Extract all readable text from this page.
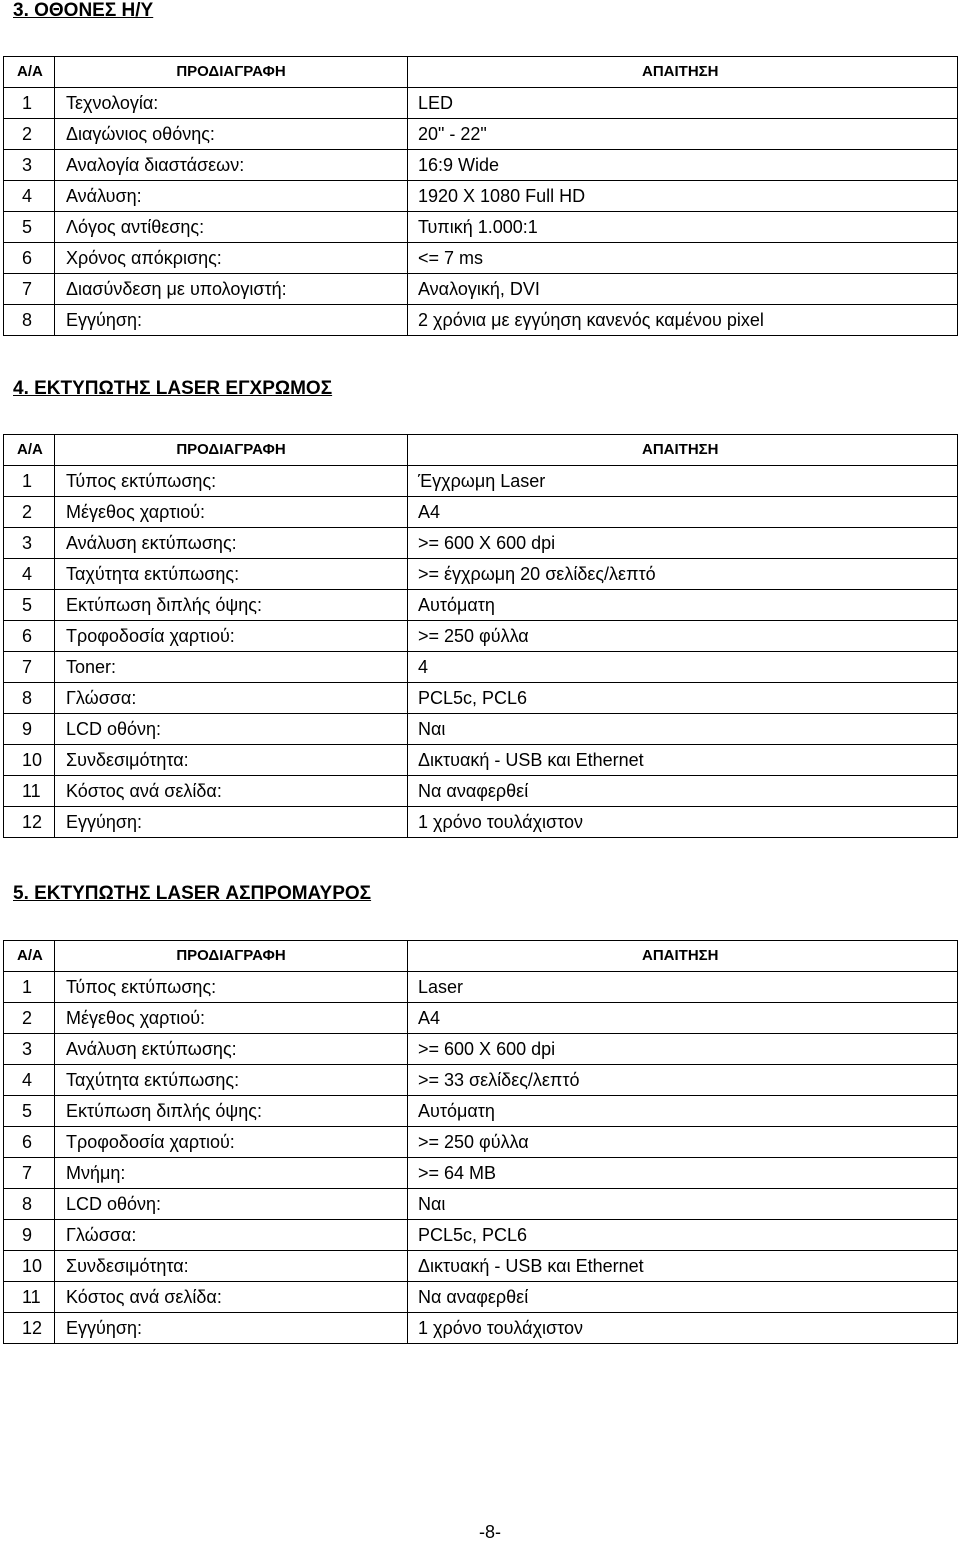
3. ΟΘΟΝΕΣ Η/Υ
Α/Α	ΠΡΟΔΙΑΓΡΑΦΗ	ΑΠΑΙΤΗΣΗ
1	Τεχνολογία:	LED
2	Διαγώνιος οθόνης:	20" - 22"
3	Αναλογία διαστάσεων:	16:9 Wide
4	Ανάλυση:	1920 X 1080 Full HD
5	Λόγος αντίθεσης:	Τυπική 1.000:1
6	Χρόνος απόκρισης:	<= 7 ms
7	Διασύνδεση με υπολογιστή:	Αναλογική, DVI
8	Εγγύηση:	2 χρόνια με εγγύηση κανενός καμένου pixel
4. ΕΚΤΥΠΩΤΗΣ LASER ΕΓΧΡΩΜΟΣ
Α/Α	ΠΡΟΔΙΑΓΡΑΦΗ	ΑΠΑΙΤΗΣΗ
1	Τύπος εκτύπωσης:	Έγχρωμη Laser
2	Μέγεθος χαρτιού:	A4
3	Ανάλυση εκτύπωσης:	>= 600 X 600 dpi
4	Ταχύτητα εκτύπωσης:	>= έγχρωμη 20 σελίδες/λεπτό
5	Εκτύπωση διπλής όψης:	Αυτόματη
6	Τροφοδοσία χαρτιού:	>= 250 φύλλα
7	Toner:	4
8	Γλώσσα:	PCL5c, PCL6
9	LCD οθόνη:	Ναι
10	Συνδεσιμότητα:	Δικτυακή - USB και Ethernet
11	Κόστος ανά σελίδα:	Να αναφερθεί
12	Εγγύηση:	1 χρόνο τουλάχιστον
5. ΕΚΤΥΠΩΤΗΣ LASER ΑΣΠΡΟΜΑΥΡΟΣ
Α/Α	ΠΡΟΔΙΑΓΡΑΦΗ	ΑΠΑΙΤΗΣΗ
1	Τύπος εκτύπωσης:	Laser
2	Μέγεθος χαρτιού:	A4
3	Ανάλυση εκτύπωσης:	>= 600 X 600 dpi
4	Ταχύτητα εκτύπωσης:	>= 33 σελίδες/λεπτό
5	Εκτύπωση διπλής όψης:	Αυτόματη
6	Τροφοδοσία χαρτιού:	>= 250 φύλλα
7	Μνήμη:	>= 64 MB
8	LCD οθόνη:	Ναι
9	Γλώσσα:	PCL5c, PCL6
10	Συνδεσιμότητα:	Δικτυακή - USB και Ethernet
11	Κόστος ανά σελίδα:	Να αναφερθεί
12	Εγγύηση:	1 χρόνο τουλάχιστον
-8-
